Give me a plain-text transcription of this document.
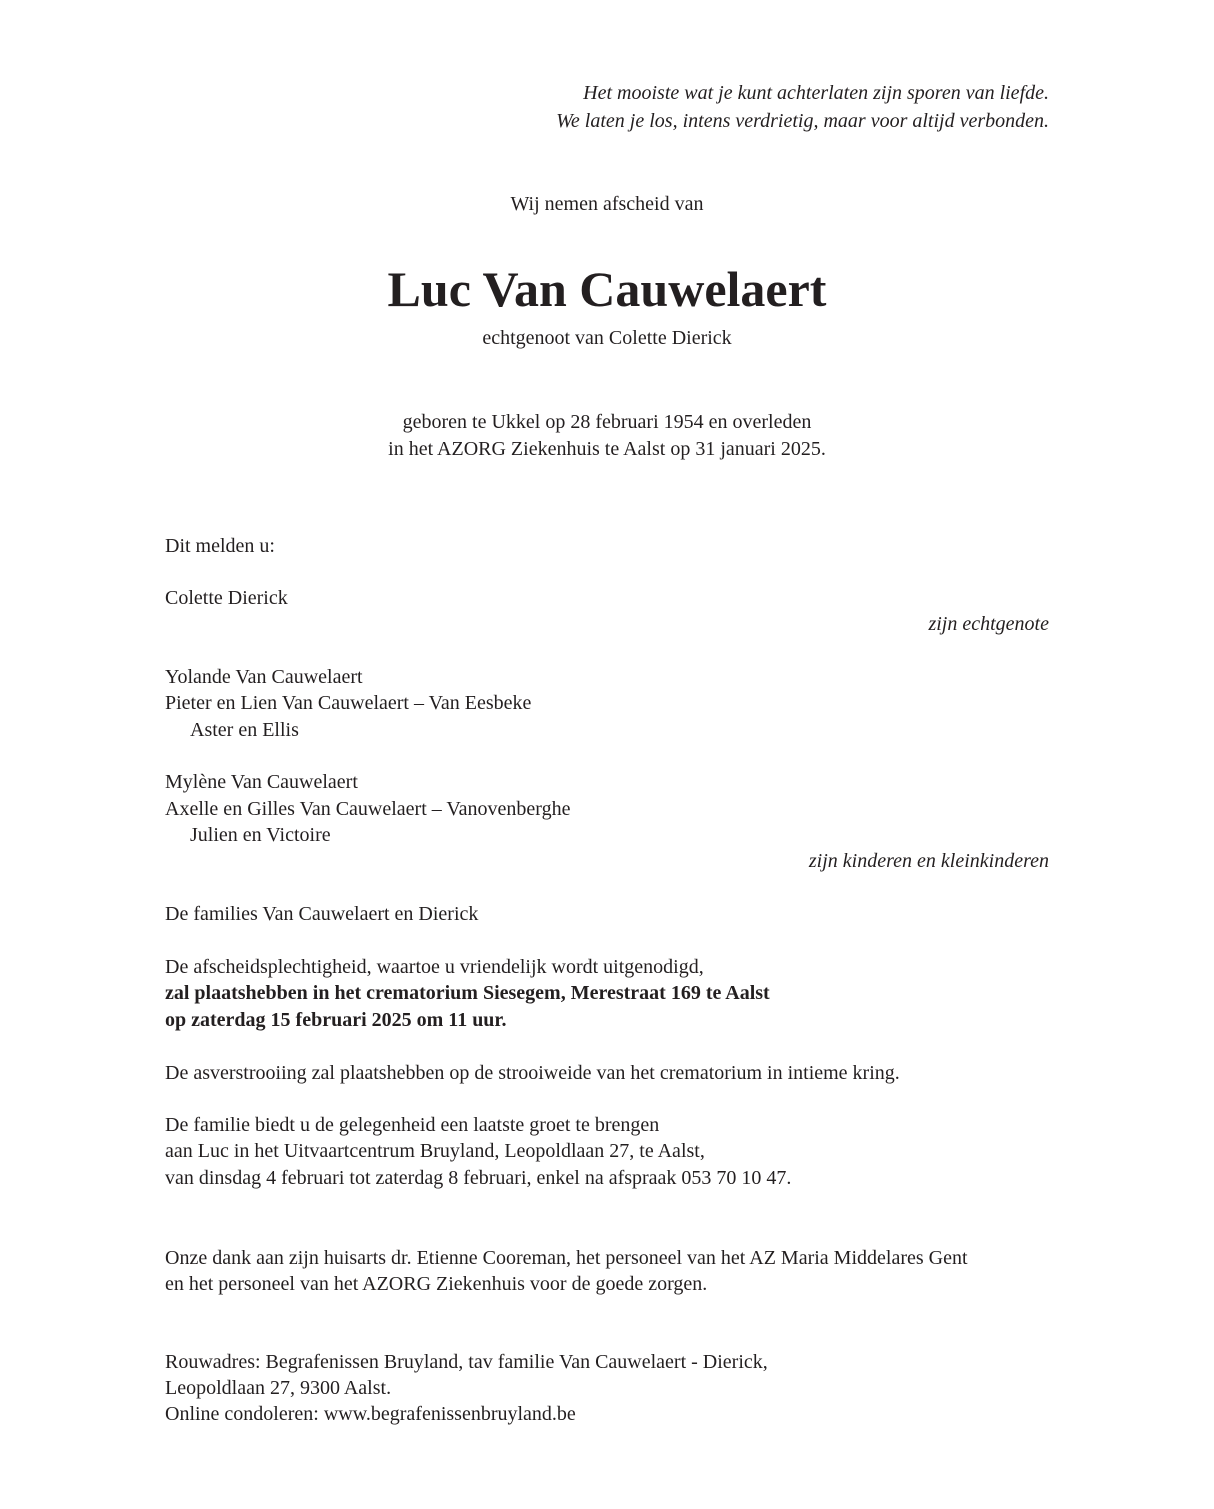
Het mooiste wat je kunt achterlaten zijn sporen van liefde.
We laten je los, intens verdrietig, maar voor altijd verbonden.
Wij nemen afscheid van
Luc Van Cauwelaert
echtgenoot van Colette Dierick
geboren te Ukkel op 28 februari 1954 en overleden
in het AZORG Ziekenhuis te Aalst op 31 januari 2025.
Dit melden u:
Colette Dierick
zijn echtgenote
Yolande Van Cauwelaert
Pieter en Lien Van Cauwelaert – Van Eesbeke
Aster en Ellis
Mylène Van Cauwelaert
Axelle en Gilles Van Cauwelaert – Vanovenberghe
Julien en Victoire
zijn kinderen en kleinkinderen
De families Van Cauwelaert en Dierick
De afscheidsplechtigheid, waartoe u vriendelijk wordt uitgenodigd,
zal plaatshebben in het crematorium Siesegem, Merestraat 169 te Aalst
op zaterdag 15 februari 2025 om 11 uur.
De asverstrooiing zal plaatshebben op de strooiweide van het crematorium in intieme kring.
De familie biedt u de gelegenheid een laatste groet te brengen
aan Luc in het Uitvaartcentrum Bruyland, Leopoldlaan 27, te Aalst,
van dinsdag 4 februari tot zaterdag 8 februari, enkel na afspraak 053 70 10 47.
Onze dank aan zijn huisarts dr. Etienne Cooreman, het personeel van het AZ Maria Middelares Gent
en het personeel van het AZORG Ziekenhuis voor de goede zorgen.
Rouwadres: Begrafenissen Bruyland, tav familie Van Cauwelaert - Dierick,
Leopoldlaan 27, 9300 Aalst.
Online condoleren: www.begrafenissenbruyland.be
